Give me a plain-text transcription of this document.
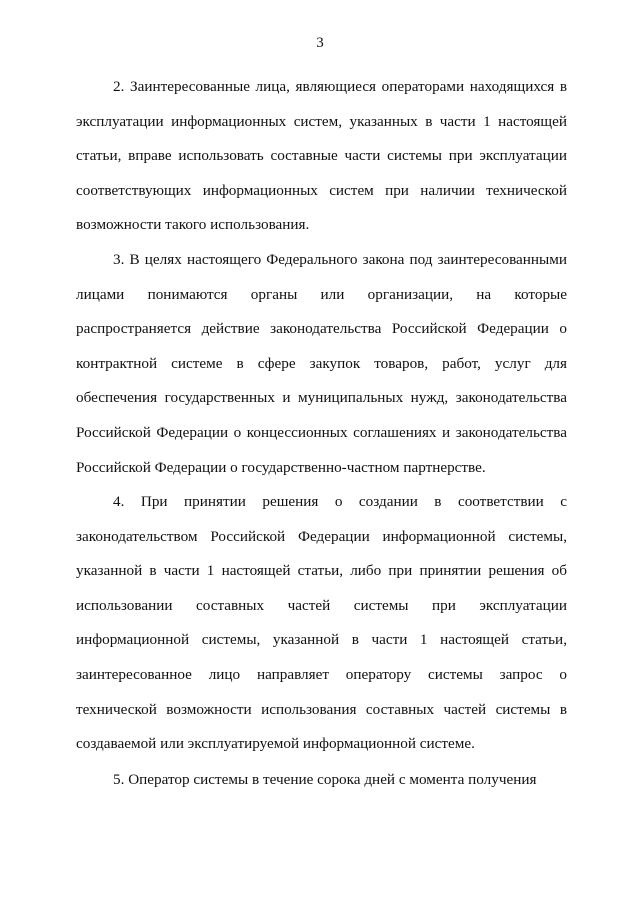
3

2. Заинтересованные лица, являющиеся операторами находящихся в эксплуатации информационных систем, указанных в части 1 настоящей статьи, вправе использовать составные части системы при эксплуатации соответствующих информационных систем при наличии технической возможности такого использования.

3. В целях настоящего Федерального закона под заинтересованными лицами понимаются органы или организации, на которые распространяется действие законодательства Российской Федерации о контрактной системе в сфере закупок товаров, работ, услуг для обеспечения государственных и муниципальных нужд, законодательства Российской Федерации о концессионных соглашениях и законодательства Российской Федерации о государственно-частном партнерстве.

4. При принятии решения о создании в соответствии с законодательством Российской Федерации информационной системы, указанной в части 1 настоящей статьи, либо при принятии решения об использовании составных частей системы при эксплуатации информационной системы, указанной в части 1 настоящей статьи, заинтересованное лицо направляет оператору системы запрос о технической возможности использования составных частей системы в создаваемой или эксплуатируемой информационной системе.

5. Оператор системы в течение сорока дней с момента получения
